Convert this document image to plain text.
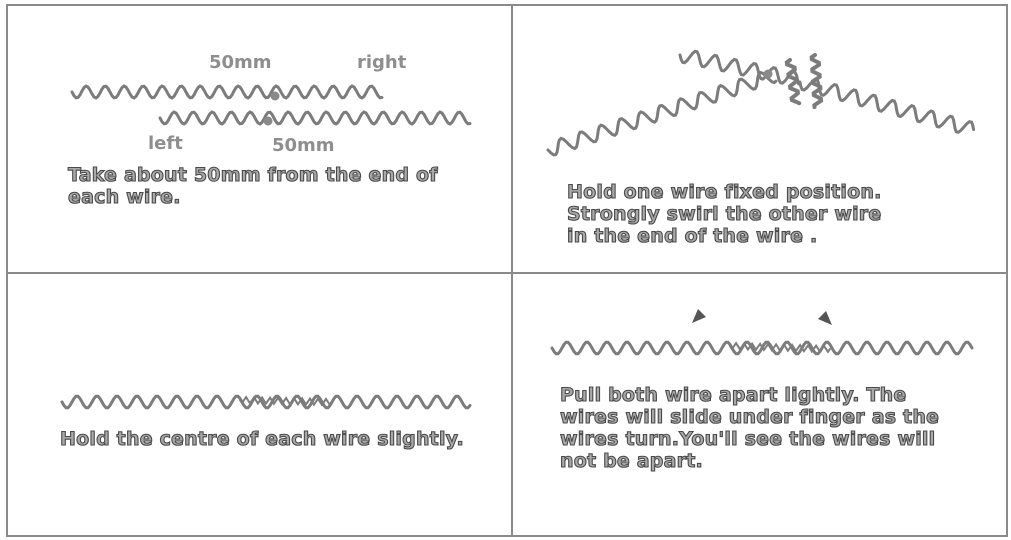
50mm	right
left	50mm
Take about 50mm from the end of
each wire.	Hold one wire fixed position.
Strongly swirl the other wire
in the end of the wire .
Hold the centre of each wire slightly.
Pull both wire apart lightly. The
wires will slide under finger as the
wires turn.You'll see the wires will
not be apart.
